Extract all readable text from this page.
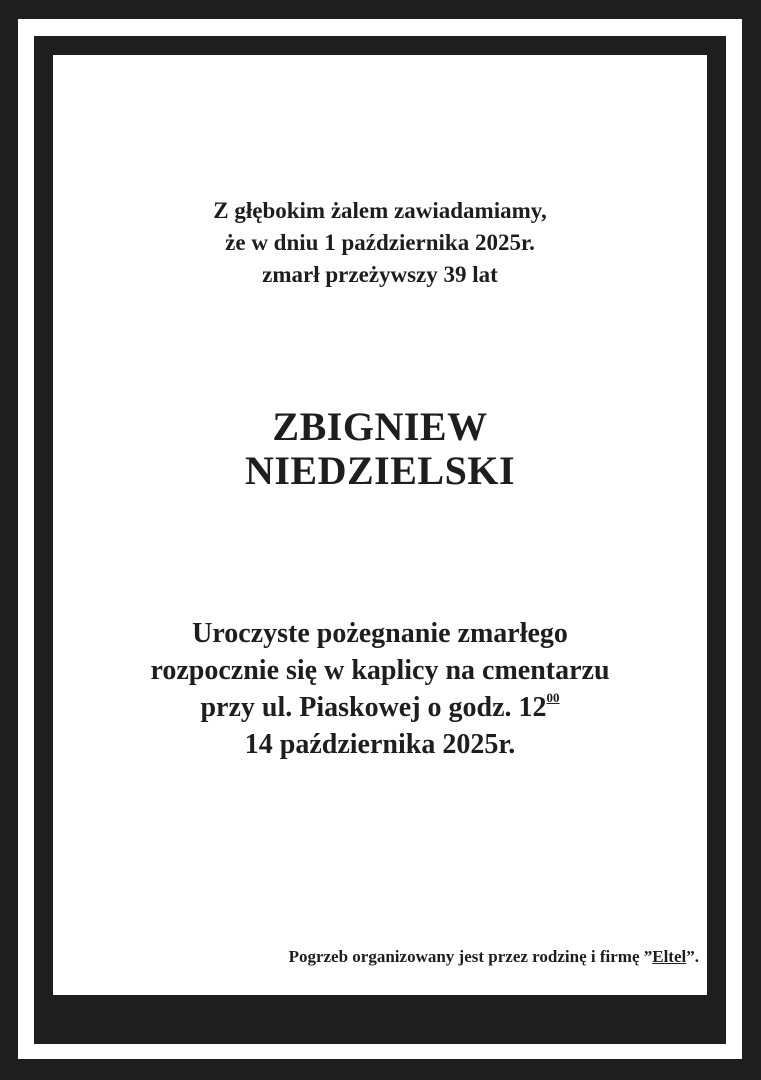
Z głębokim żalem zawiadamiamy,
że w dniu 1 października 2025r.
zmarł przeżywszy 39 lat
ZBIGNIEW
NIEDZIELSKI
Uroczyste pożegnanie zmarłego
rozpocznie się w kaplicy na cmentarzu
przy ul. Piaskowej o godz. $12^{00}$
14 października 2025r.
Pogrzeb organizowany jest przez rodzinę i firmę ”Eltel”.
Wszelkie prawa zastrzeżone.	www.eltel.ilawa.pl	tel. 502-166-235
